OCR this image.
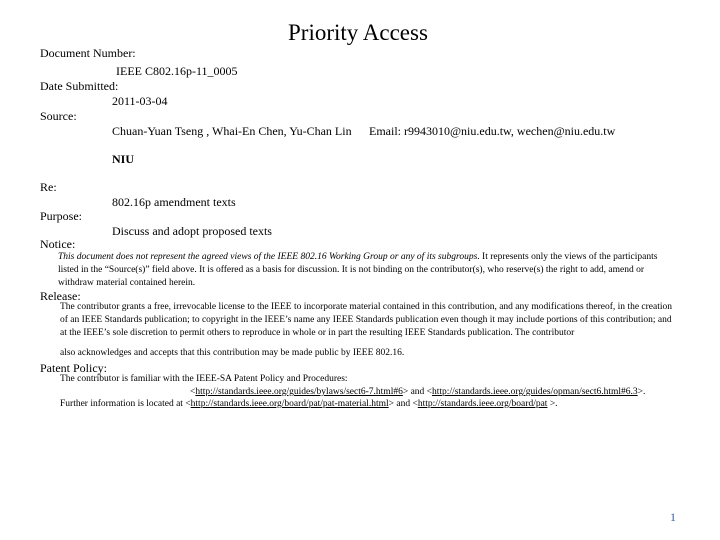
Priority Access
Document Number:
IEEE C802.16p-11_0005
Date Submitted:
2011-03-04
Source:
Chuan-Yuan Tseng , Whai-En Chen, Yu-Chan Lin Email: r9943010@niu.edu.tw, wechen@niu.edu.tw
NIU
Re:
802.16p amendment texts
Purpose:
Discuss and adopt proposed texts
Notice:
This document does not represent the agreed views of the IEEE 802.16 Working Group or any of its subgroups. It represents only the views of the participants listed in the “Source(s)” field above. It is offered as a basis for discussion. It is not binding on the contributor(s), who reserve(s) the right to add, amend or withdraw material contained herein.
Release:
The contributor grants a free, irrevocable license to the IEEE to incorporate material contained in this contribution, and any modifications thereof, in the creation of an IEEE Standards publication; to copyright in the IEEE’s name any IEEE Standards publication even though it may include portions of this contribution; and at the IEEE’s sole discretion to permit others to reproduce in whole or in part the resulting IEEE Standards publication. The contributor
also acknowledges and accepts that this contribution may be made public by IEEE 802.16.
Patent Policy:
The contributor is familiar with the IEEE-SA Patent Policy and Procedures:
<http://standards.ieee.org/guides/bylaws/sect6-7.html#6> and <http://standards.ieee.org/guides/opman/sect6.html#6.3>.
Further information is located at <http://standards.ieee.org/board/pat/pat-material.html> and <http://standards.ieee.org/board/pat >.
1
